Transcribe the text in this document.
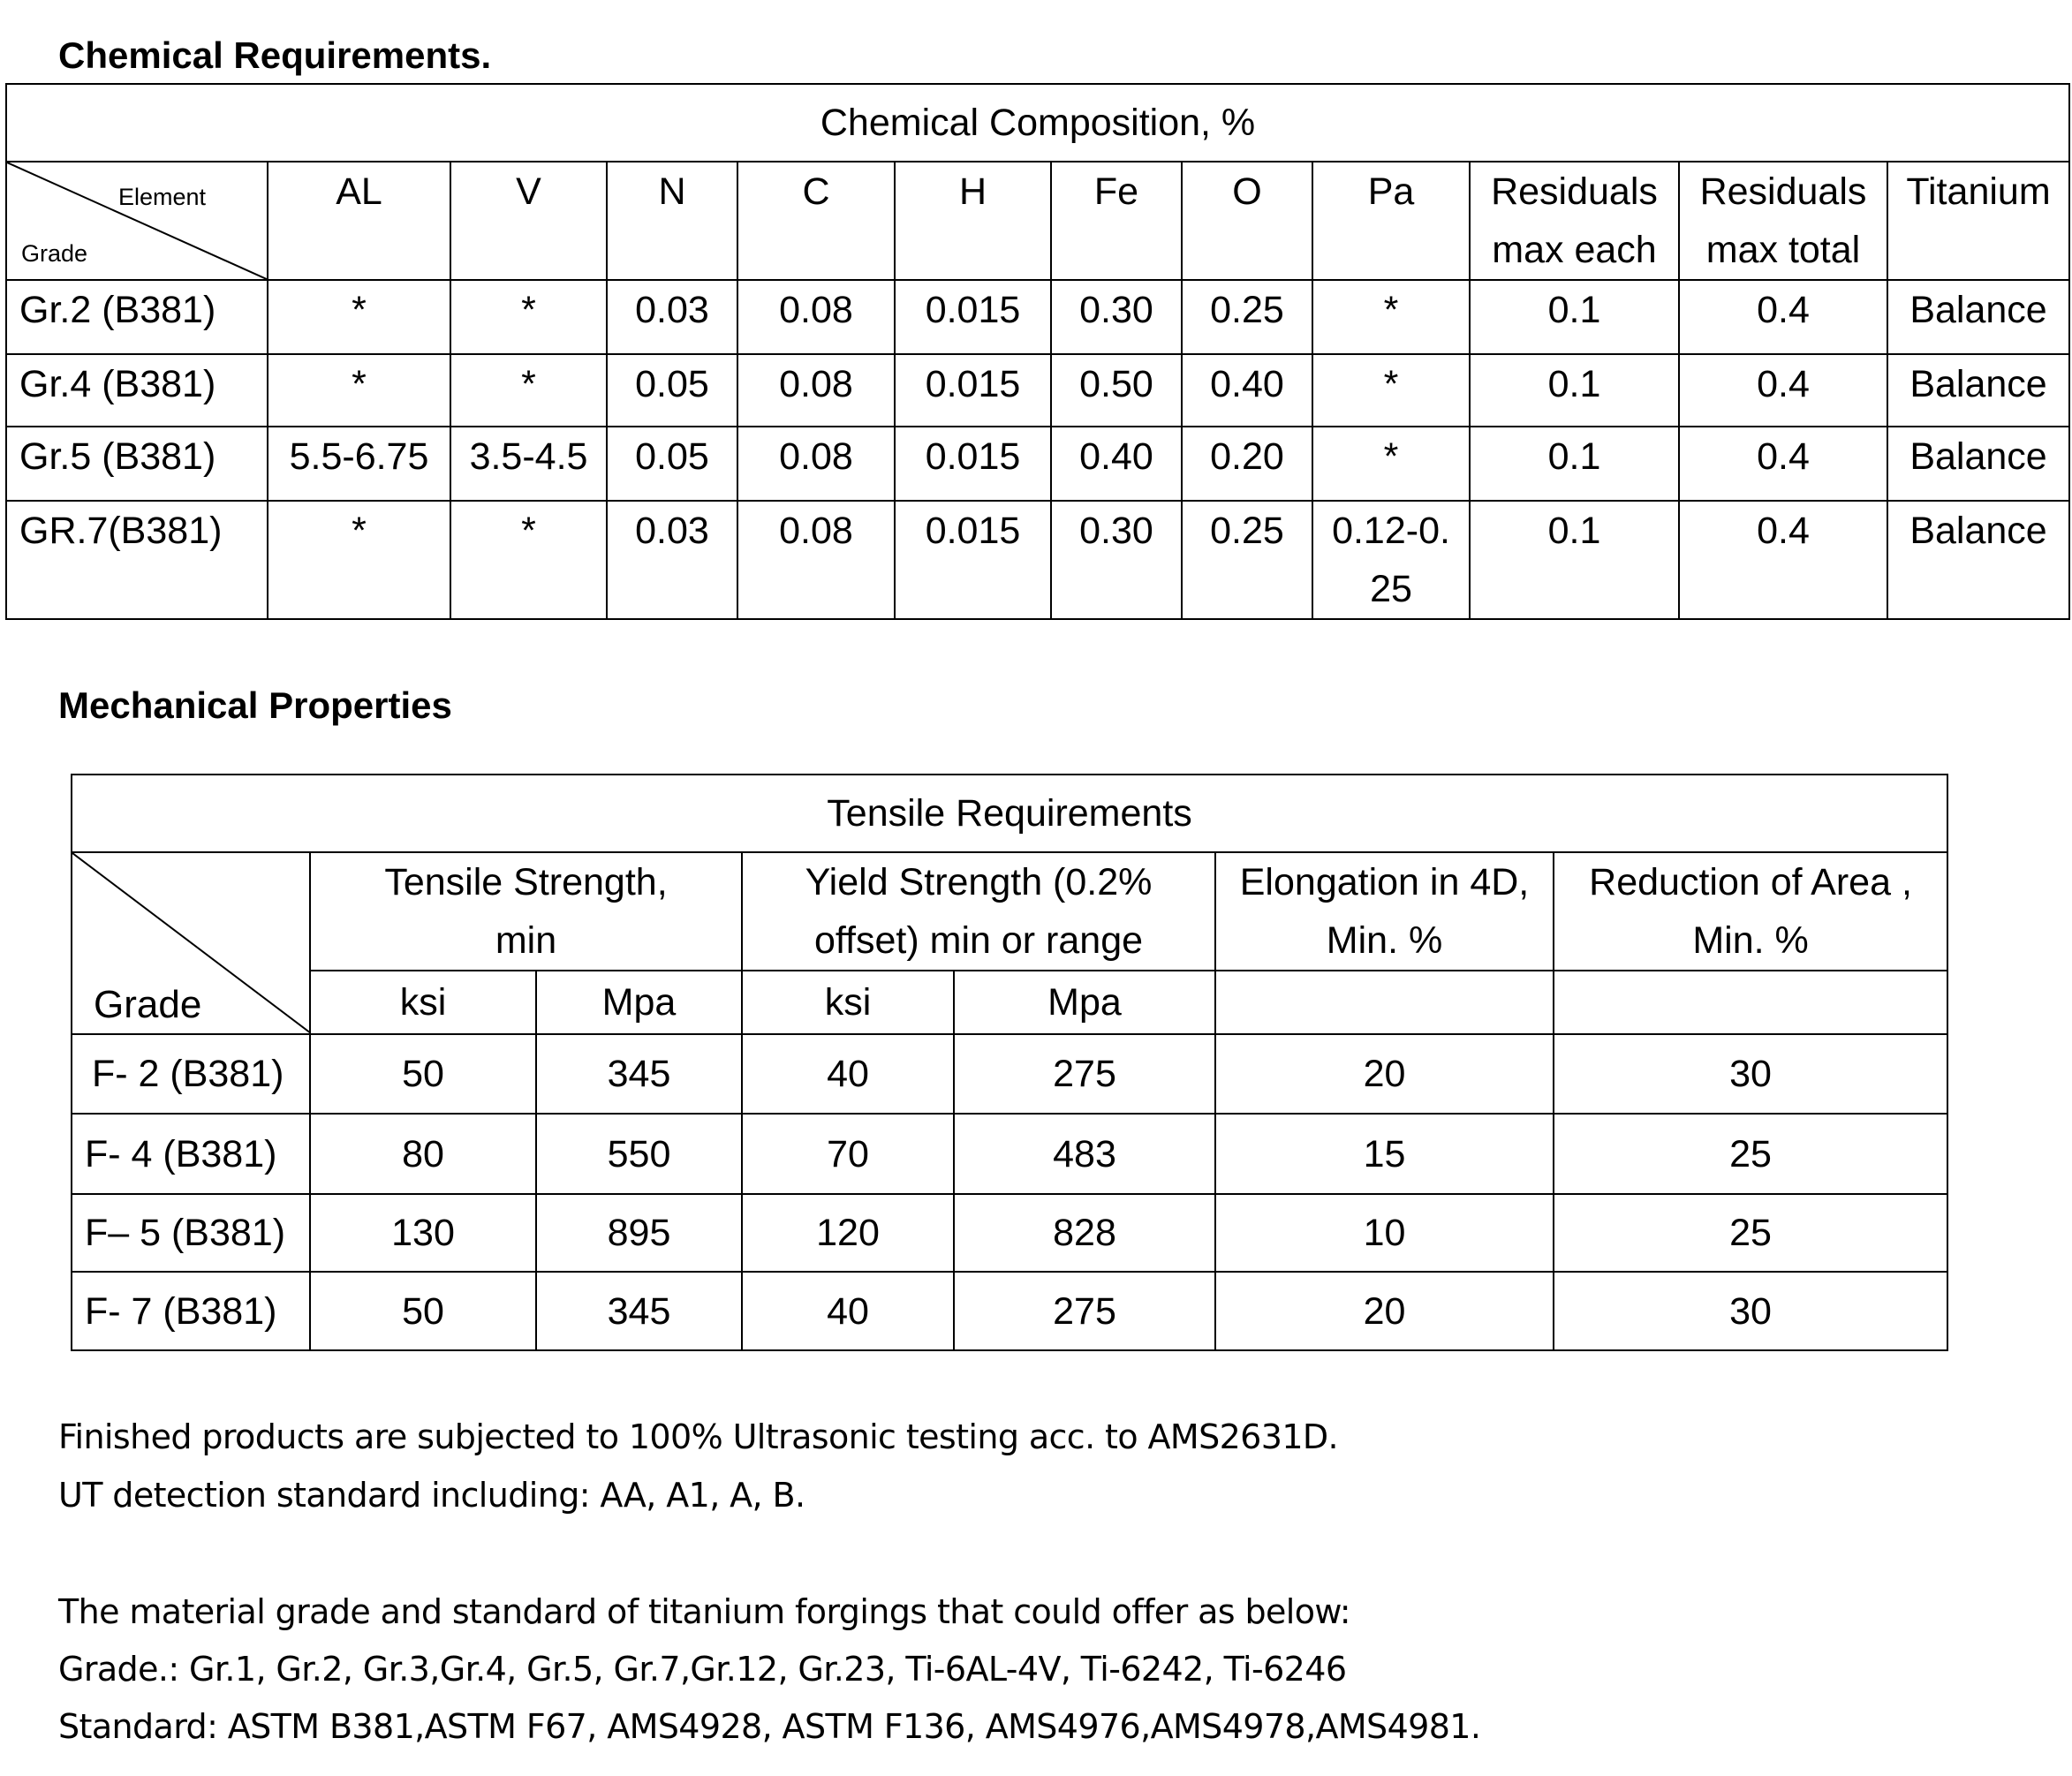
Chemical Requirements.
Chemical Composition, %											

Element
Grade	AL	V	N	C	H	Fe	O	Pa	Residuals max each	Residuals max total	Titanium
Gr.2 (B381)	*	*	0.03	0.08	0.015	0.30	0.25	*	0.1	0.4	Balance
Gr.4 (B381)	*	*	0.05	0.08	0.015	0.50	0.40	*	0.1	0.4	Balance
Gr.5 (B381)	5.5-6.75	3.5-4.5	0.05	0.08	0.015	0.40	0.20	*	0.1	0.4	Balance
GR.7(B381)	*	*	0.03	0.08	0.015	0.30	0.25	0.12-0. 25	0.1	0.4	Balance
Mechanical Properties
Tensile Requirements						

Grade	Tensile Strength, min		Yield Strength (0.2% offset) min or range		Elongation in 4D, Min. %	Reduction of Area , Min. %
	ksi	Mpa	ksi	Mpa		
F- 2 (B381)	50	345	40	275	20	30
F- 4 (B381)	80	550	70	483	15	25
F– 5 (B381)	130	895	120	828	10	25
F- 7 (B381)	50	345	40	275	20	30
Finished products are subjected to 100% Ultrasonic testing acc. to AMS2631D.
UT detection standard including: AA, A1, A, B.
The material grade and standard of titanium forgings that could offer as below:
Grade.: Gr.1, Gr.2, Gr.3,Gr.4, Gr.5, Gr.7,Gr.12, Gr.23, Ti-6AL-4V, Ti-6242, Ti-6246
Standard: ASTM B381,ASTM F67, AMS4928, ASTM F136, AMS4976,AMS4978,AMS4981.
